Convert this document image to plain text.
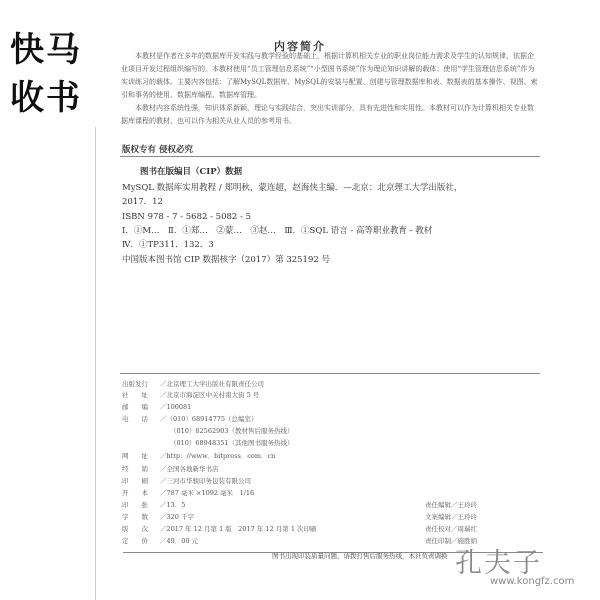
快马
收书
内容简介
本教材是作者在多年的数据库开发实践与教学经验的基础上，根据计算机相关专业的职业岗位能力需求及学生的认知规律，依据企业项目开发过程组织编写的。本教材使用“员工管理信息系统”“小型图书系统”作为理论知识讲解的载体；使用“学生管理信息系统”作为实训练习的载体。主要内容包括：了解MySQL数据库、MySQL的安装与配置、创建与管理数据库和表、数据表的基本操作、视图、索引和事务的使用、数据库编程、数据库管理。
本教材内容系统性强，知识体系新颖，理论与实践结合，突出实训部分，具有先进性和实用性。本教材可以作为计算机相关专业数据库课程的教材，也可以作为相关从业人员的参考用书。
版权专有 侵权必究
图书在版编目（CIP）数据
MySQL 数据库实用教程 / 郑明秋，蒙连超，赵海侠主编．—北京：北京理工大学出版社，
2017．12
ISBN 978 - 7 - 5682 - 5082 - 5
Ⅰ．①M…　Ⅱ．①郑…　②蒙…　③赵…　Ⅲ．①SQL 语言 - 高等职业教育 - 教材
Ⅳ．①TP311．132．3
中国版本图书馆 CIP 数据核字（2017）第 325192 号
出版发行 ／北京理工大学出版社有限责任公司
社　　址 ／北京市海淀区中关村南大街 5 号
邮　　编 ／100081
电　　话 ／（010）68914775（总编室）
（010）82562903（教材售后服务热线）
（010）68948351（其他图书服务热线）
网　　址 ／http：//www．bitpress．com．cn
经　　销 ／全国各地新华书店
印　　刷 ／三河市华骏印务包装有限公司
开　　本 ／787 毫米 ×1092 毫米　1/16
印　　张 ／13．5
字　　数 ／320 千字
版　　次 ／2017 年 12 月第 1 版　2017 年 12 月第 1 次印刷
定　　价 ／49．00 元
责任编辑／王玲玲
文案编辑／王玲玲
责任校对／周瑞红
责任印制／施胜娟
图书出现印装质量问题，请拨打售后服务热线，本社负责调换 孔夫子
www.kongfz.com
